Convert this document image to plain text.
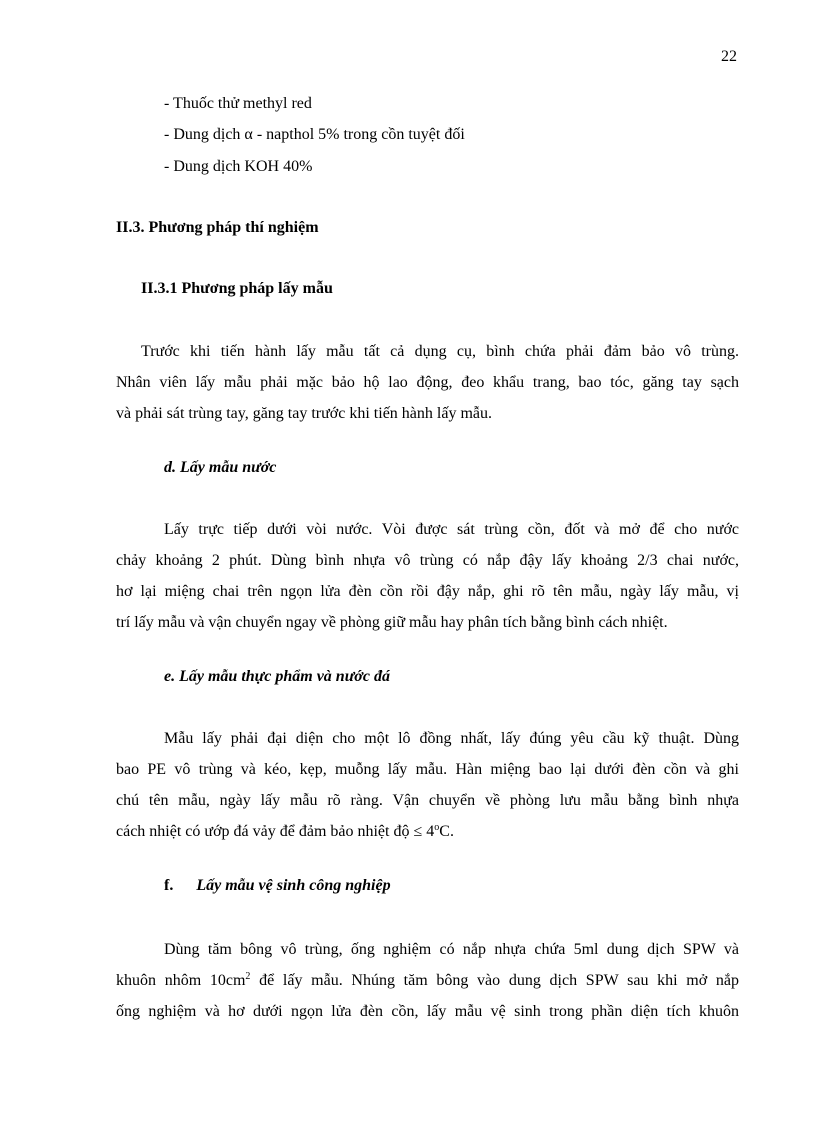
22
- Thuốc thử methyl red
- Dung dịch α - napthol 5% trong cồn tuyệt đối
- Dung dịch KOH 40%
II.3. Phương pháp thí nghiệm
II.3.1 Phương pháp lấy mẫu
Trước khi tiến hành lấy mẫu tất cả dụng cụ, bình chứa phải đảm bảo vô trùng.
Nhân viên lấy mẫu phải mặc bảo hộ lao động, đeo khẩu trang, bao tóc, găng tay sạch
và phải sát trùng tay, găng tay trước khi tiến hành lấy mẫu.
d. Lấy mẫu nước
Lấy trực tiếp dưới vòi nước. Vòi được sát trùng cồn, đốt và mở để cho nước
chảy khoảng 2 phút. Dùng bình nhựa vô trùng có nắp đậy lấy khoảng 2/3 chai nước,
hơ lại miệng chai trên ngọn lửa đèn cồn rồi đậy nắp, ghi rõ tên mẫu, ngày lấy mẫu, vị
trí lấy mẫu và vận chuyển ngay về phòng giữ mẫu hay phân tích bằng bình cách nhiệt.
e. Lấy mẫu thực phẩm và nước đá
Mẫu lấy phải đại diện cho một lô đồng nhất, lấy đúng yêu cầu kỹ thuật. Dùng
bao PE vô trùng và kéo, kẹp, muỗng lấy mẫu. Hàn miệng bao lại dưới đèn cồn và ghi
chú tên mẫu, ngày lấy mẫu rõ ràng. Vận chuyển về phòng lưu mẫu bằng bình nhựa
cách nhiệt có ướp đá vảy để đảm bảo nhiệt độ ≤ $4^oC$.
f. Lấy mẫu vệ sinh công nghiệp
Dùng tăm bông vô trùng, ống nghiệm có nắp nhựa chứa 5ml dung dịch SPW và
khuôn nhôm $10cm^2$ để lấy mẫu. Nhúng tăm bông vào dung dịch SPW sau khi mở nắp
ống nghiệm và hơ dưới ngọn lửa đèn cồn, lấy mẫu vệ sinh trong phần diện tích khuôn
